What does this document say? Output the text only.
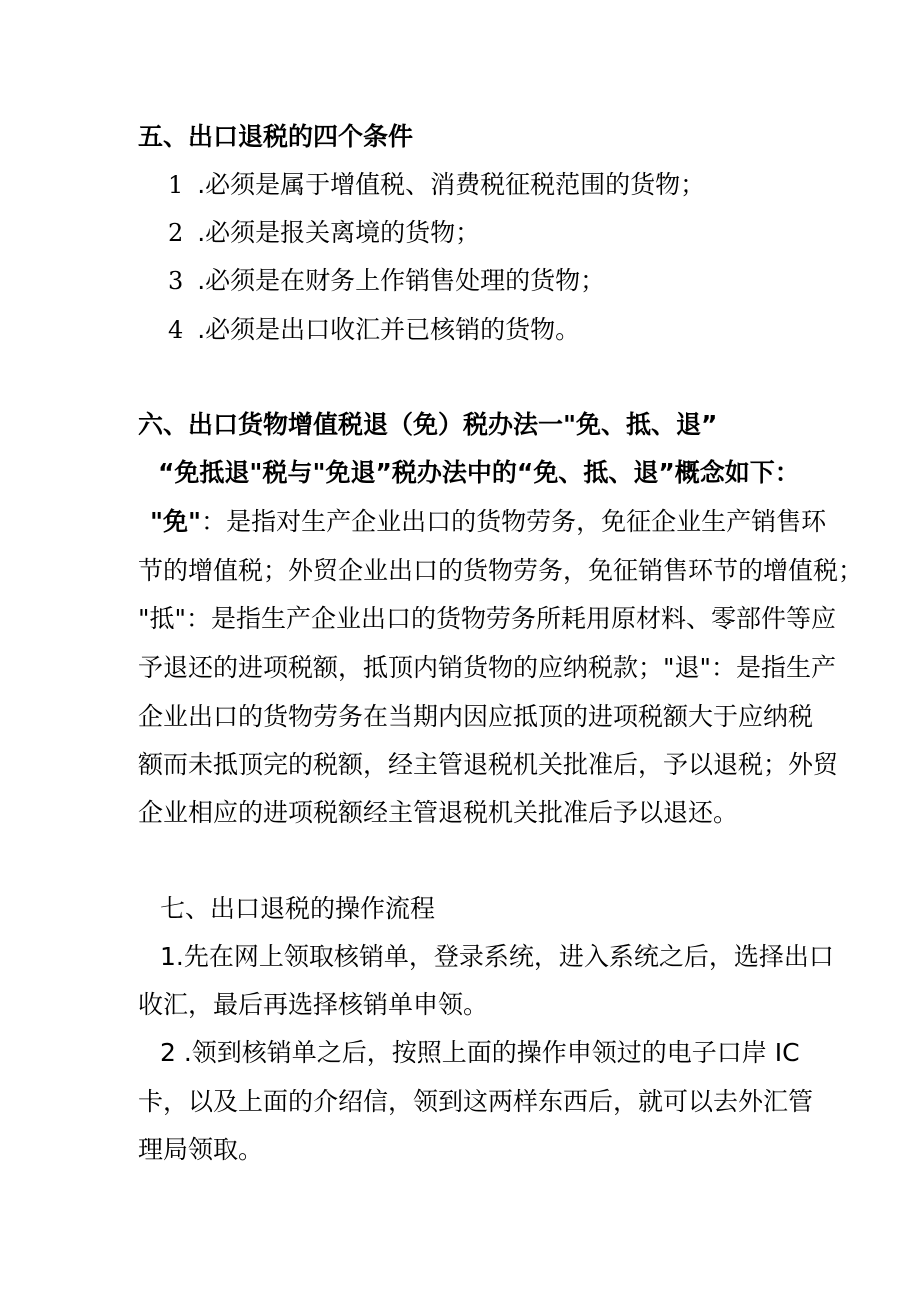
五、出口退税的四个条件
1 .必须是属于增值税、消费税征税范围的货物；
2 .必须是报关离境的货物；
3 .必须是在财务上作销售处理的货物；
4 .必须是出口收汇并已核销的货物。
六、出口货物增值税退（免）税办法一"免、抵、退”
“免抵退"税与"免退”税办法中的“免、抵、退”概念如下：
"免"：是指对生产企业出口的货物劳务，免征企业生产销售环
节的增值税；外贸企业出口的货物劳务，免征销售环节的增值税；
"抵"：是指生产企业出口的货物劳务所耗用原材料、零部件等应
予退还的进项税额，抵顶内销货物的应纳税款；"退"：是指生产
企业出口的货物劳务在当期内因应抵顶的进项税额大于应纳税
额而未抵顶完的税额，经主管退税机关批准后，予以退税；外贸
企业相应的进项税额经主管退税机关批准后予以退还。
七、出口退税的操作流程
1.先在网上领取核销单，登录系统，进入系统之后，选择出口
收汇，最后再选择核销单申领。
2 .领到核销单之后，按照上面的操作申领过的电子口岸 IC
卡，以及上面的介绍信，领到这两样东西后，就可以去外汇管
理局领取。
